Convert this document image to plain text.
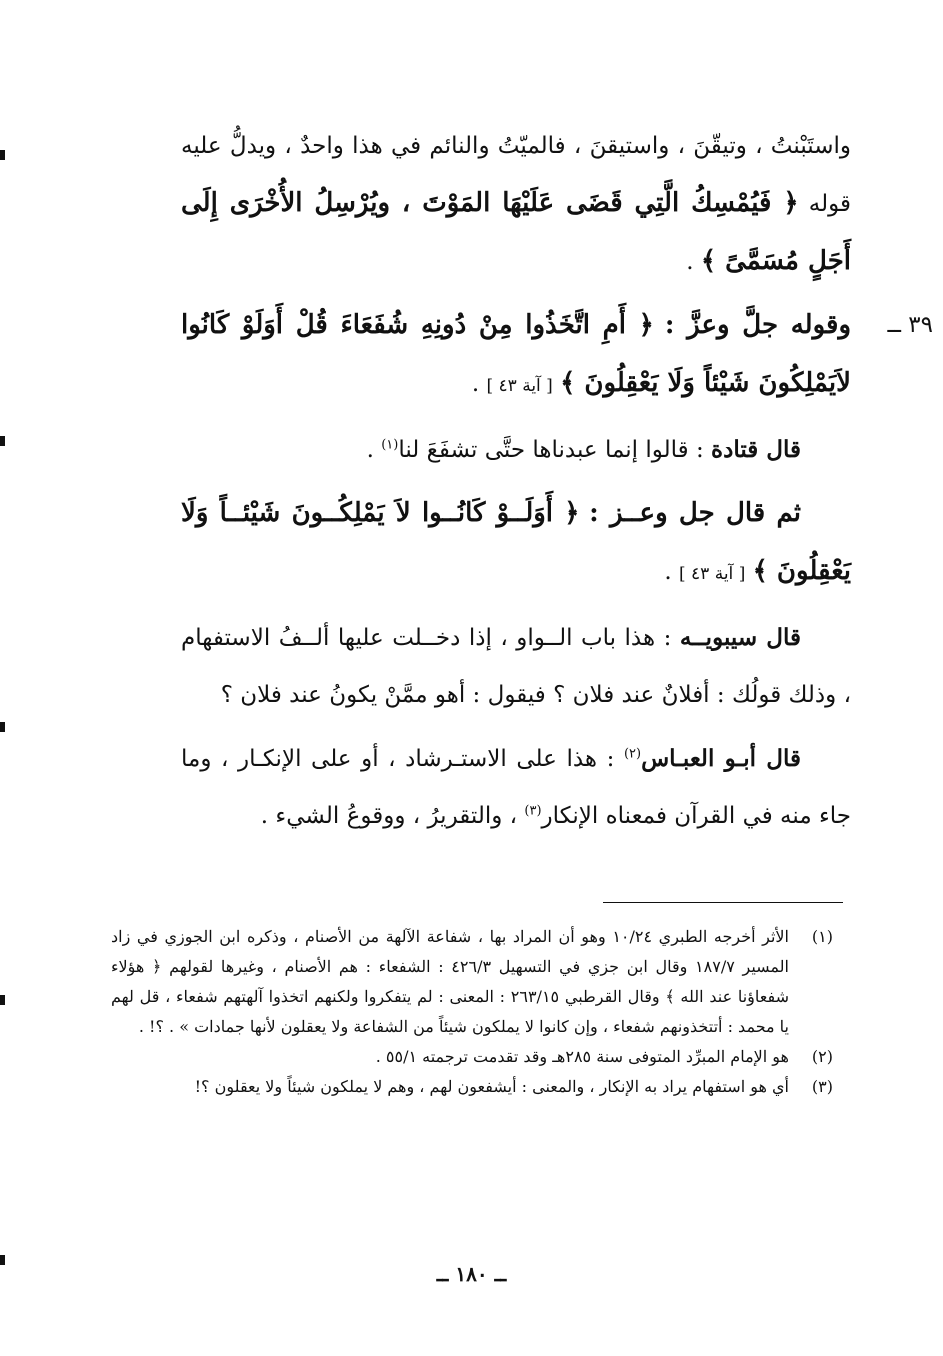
واستَبْنتُ ، وتيقّنَ ، واستيقنَ ، فالميّتُ والنائم في هذا واحدٌ ، ويدلُّ عليه قوله ﴿ فَيُمْسِكُ الَّتِي قَضَى عَلَيْهَا المَوْتَ ، ويُرْسِلُ الأُخْرَى إِلَى أَجَلٍ مُسَمَّىً ﴾ .

٣٩ ــ
وقوله جلَّ وعزَّ : ﴿ أَمِ اتَّخَذُوا مِنْ دُونِهِ شُفَعَاءَ قُلْ أَوَلَوْ كَانُوا لاَيَمْلِكُونَ شَيْئاً وَلَا يَعْقِلُونَ ﴾ [ آية ٤٣ ] .

قال قتادة : قالوا إنما عبدناها حتَّى تشفَعَ لنا$^{(١)}$ .

ثم قال جل وعــز : ﴿ أَوَلَــوْ كَانُــوا لاَ يَمْلِكُــونَ شَيْئــاً وَلَا يَعْقِلُونَ ﴾ [ آية ٤٣ ] .

قال سيبويــه : هذا باب الــواو ، إذا دخــلت عليها ألــفُ الاستفهام ، وذلك قولُك : أفلانٌ عند فلان ؟ فيقول : أهو ممَّنْ يكونُ عند فلان ؟

قال أبـو العبـاس$^{(٢)}$ : هذا على الاستـرشاد ، أو على الإنكـار ، وما جاء منه في القرآن فمعناه الإنكار$^{(٣)}$ ، والتقريرُ ، ووقوعُ الشيء .

(١)
الأثر أخرجه الطبري ١٠/٢٤ وهو أن المراد بها ، شفاعة الآلهة من الأصنام ، وذكره ابن الجوزي في زاد المسير ١٨٧/٧ وقال ابن جزي في التسهيل ٤٢٦/٣ : الشفعاء : هم الأصنام ، وغيرها لقولهم ﴿ هؤلاء شفعاؤنا عند الله ﴾ وقال القرطبي ٢٦٣/١٥ : المعنى : لم يتفكروا ولكنهم اتخذوا آلهتهم شفعاء ، قل لهم يا محمد : أتتخذونهم شفعاء ، وإن كانوا لا يملكون شيئاً من الشفاعة ولا يعقلون لأنها جمادات » . ؟! .

(٢)
هو الإمام المبرِّد المتوفى سنة ٢٨٥هـ وقد تقدمت ترجمته ٥٥/١ .

(٣)
أي هو استفهام يراد به الإنكار ، والمعنى : أيشفعون لهم ، وهم لا يملكون شيئاً ولا يعقلون ؟!

ــ ١٨٠ ــ
